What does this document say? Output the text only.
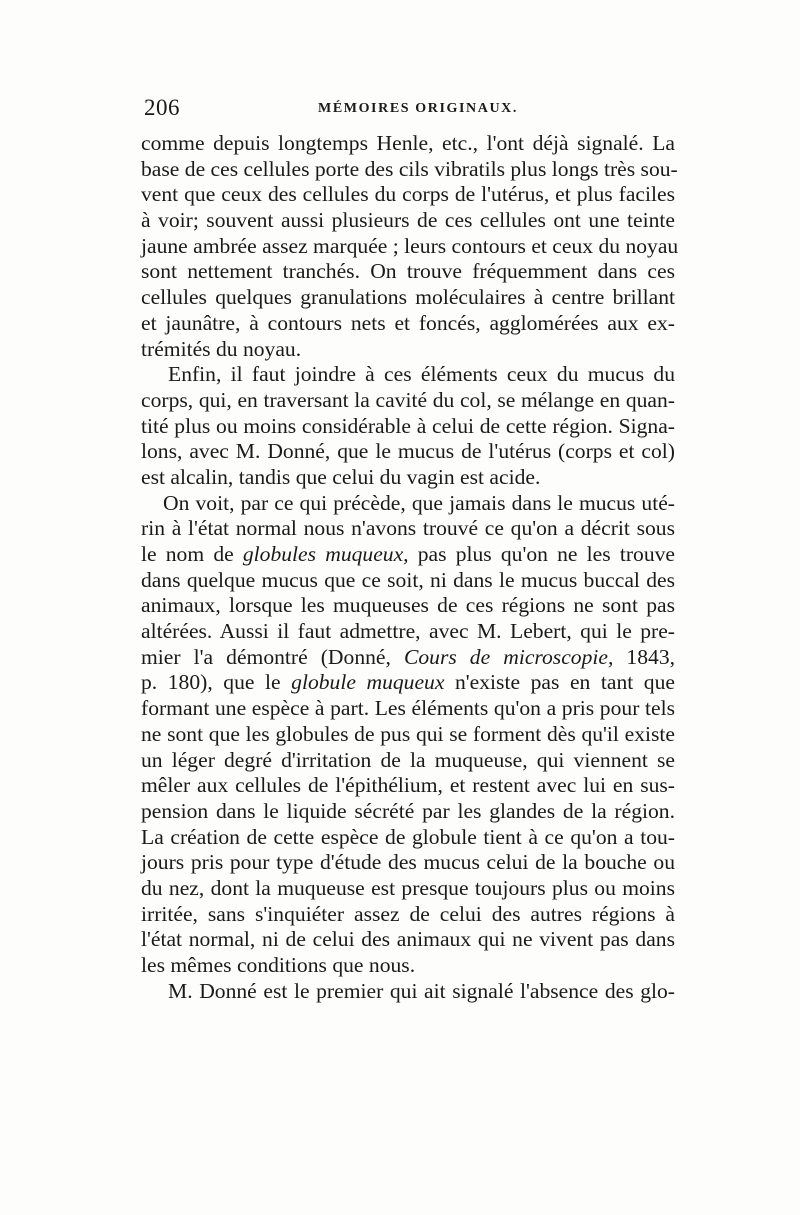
206	MÉMOIRES ORIGINAUX.
comme depuis longtemps Henle, etc., l'ont déjà signalé. La
base de ces cellules porte des cils vibratils plus longs très sou-
vent que ceux des cellules du corps de l'utérus, et plus faciles
à voir; souvent aussi plusieurs de ces cellules ont une teinte
jaune ambrée assez marquée ; leurs contours et ceux du noyau
sont nettement tranchés. On trouve fréquemment dans ces
cellules quelques granulations moléculaires à centre brillant
et jaunâtre, à contours nets et foncés, agglomérées aux ex-
trémités du noyau.
Enfin, il faut joindre à ces éléments ceux du mucus du
corps, qui, en traversant la cavité du col, se mélange en quan-
tité plus ou moins considérable à celui de cette région. Signa-
lons, avec M. Donné, que le mucus de l'utérus (corps et col)
est alcalin, tandis que celui du vagin est acide.
On voit, par ce qui précède, que jamais dans le mucus uté-
rin à l'état normal nous n'avons trouvé ce qu'on a décrit sous
le nom de globules muqueux, pas plus qu'on ne les trouve
dans quelque mucus que ce soit, ni dans le mucus buccal des
animaux, lorsque les muqueuses de ces régions ne sont pas
altérées. Aussi il faut admettre, avec M. Lebert, qui le pre-
mier l'a démontré (Donné, Cours de microscopie, 1843,
p. 180), que le globule muqueux n'existe pas en tant que
formant une espèce à part. Les éléments qu'on a pris pour tels
ne sont que les globules de pus qui se forment dès qu'il existe
un léger degré d'irritation de la muqueuse, qui viennent se
mêler aux cellules de l'épithélium, et restent avec lui en sus-
pension dans le liquide sécrété par les glandes de la région.
La création de cette espèce de globule tient à ce qu'on a tou-
jours pris pour type d'étude des mucus celui de la bouche ou
du nez, dont la muqueuse est presque toujours plus ou moins
irritée, sans s'inquiéter assez de celui des autres régions à
l'état normal, ni de celui des animaux qui ne vivent pas dans
les mêmes conditions que nous.
M. Donné est le premier qui ait signalé l'absence des glo-
